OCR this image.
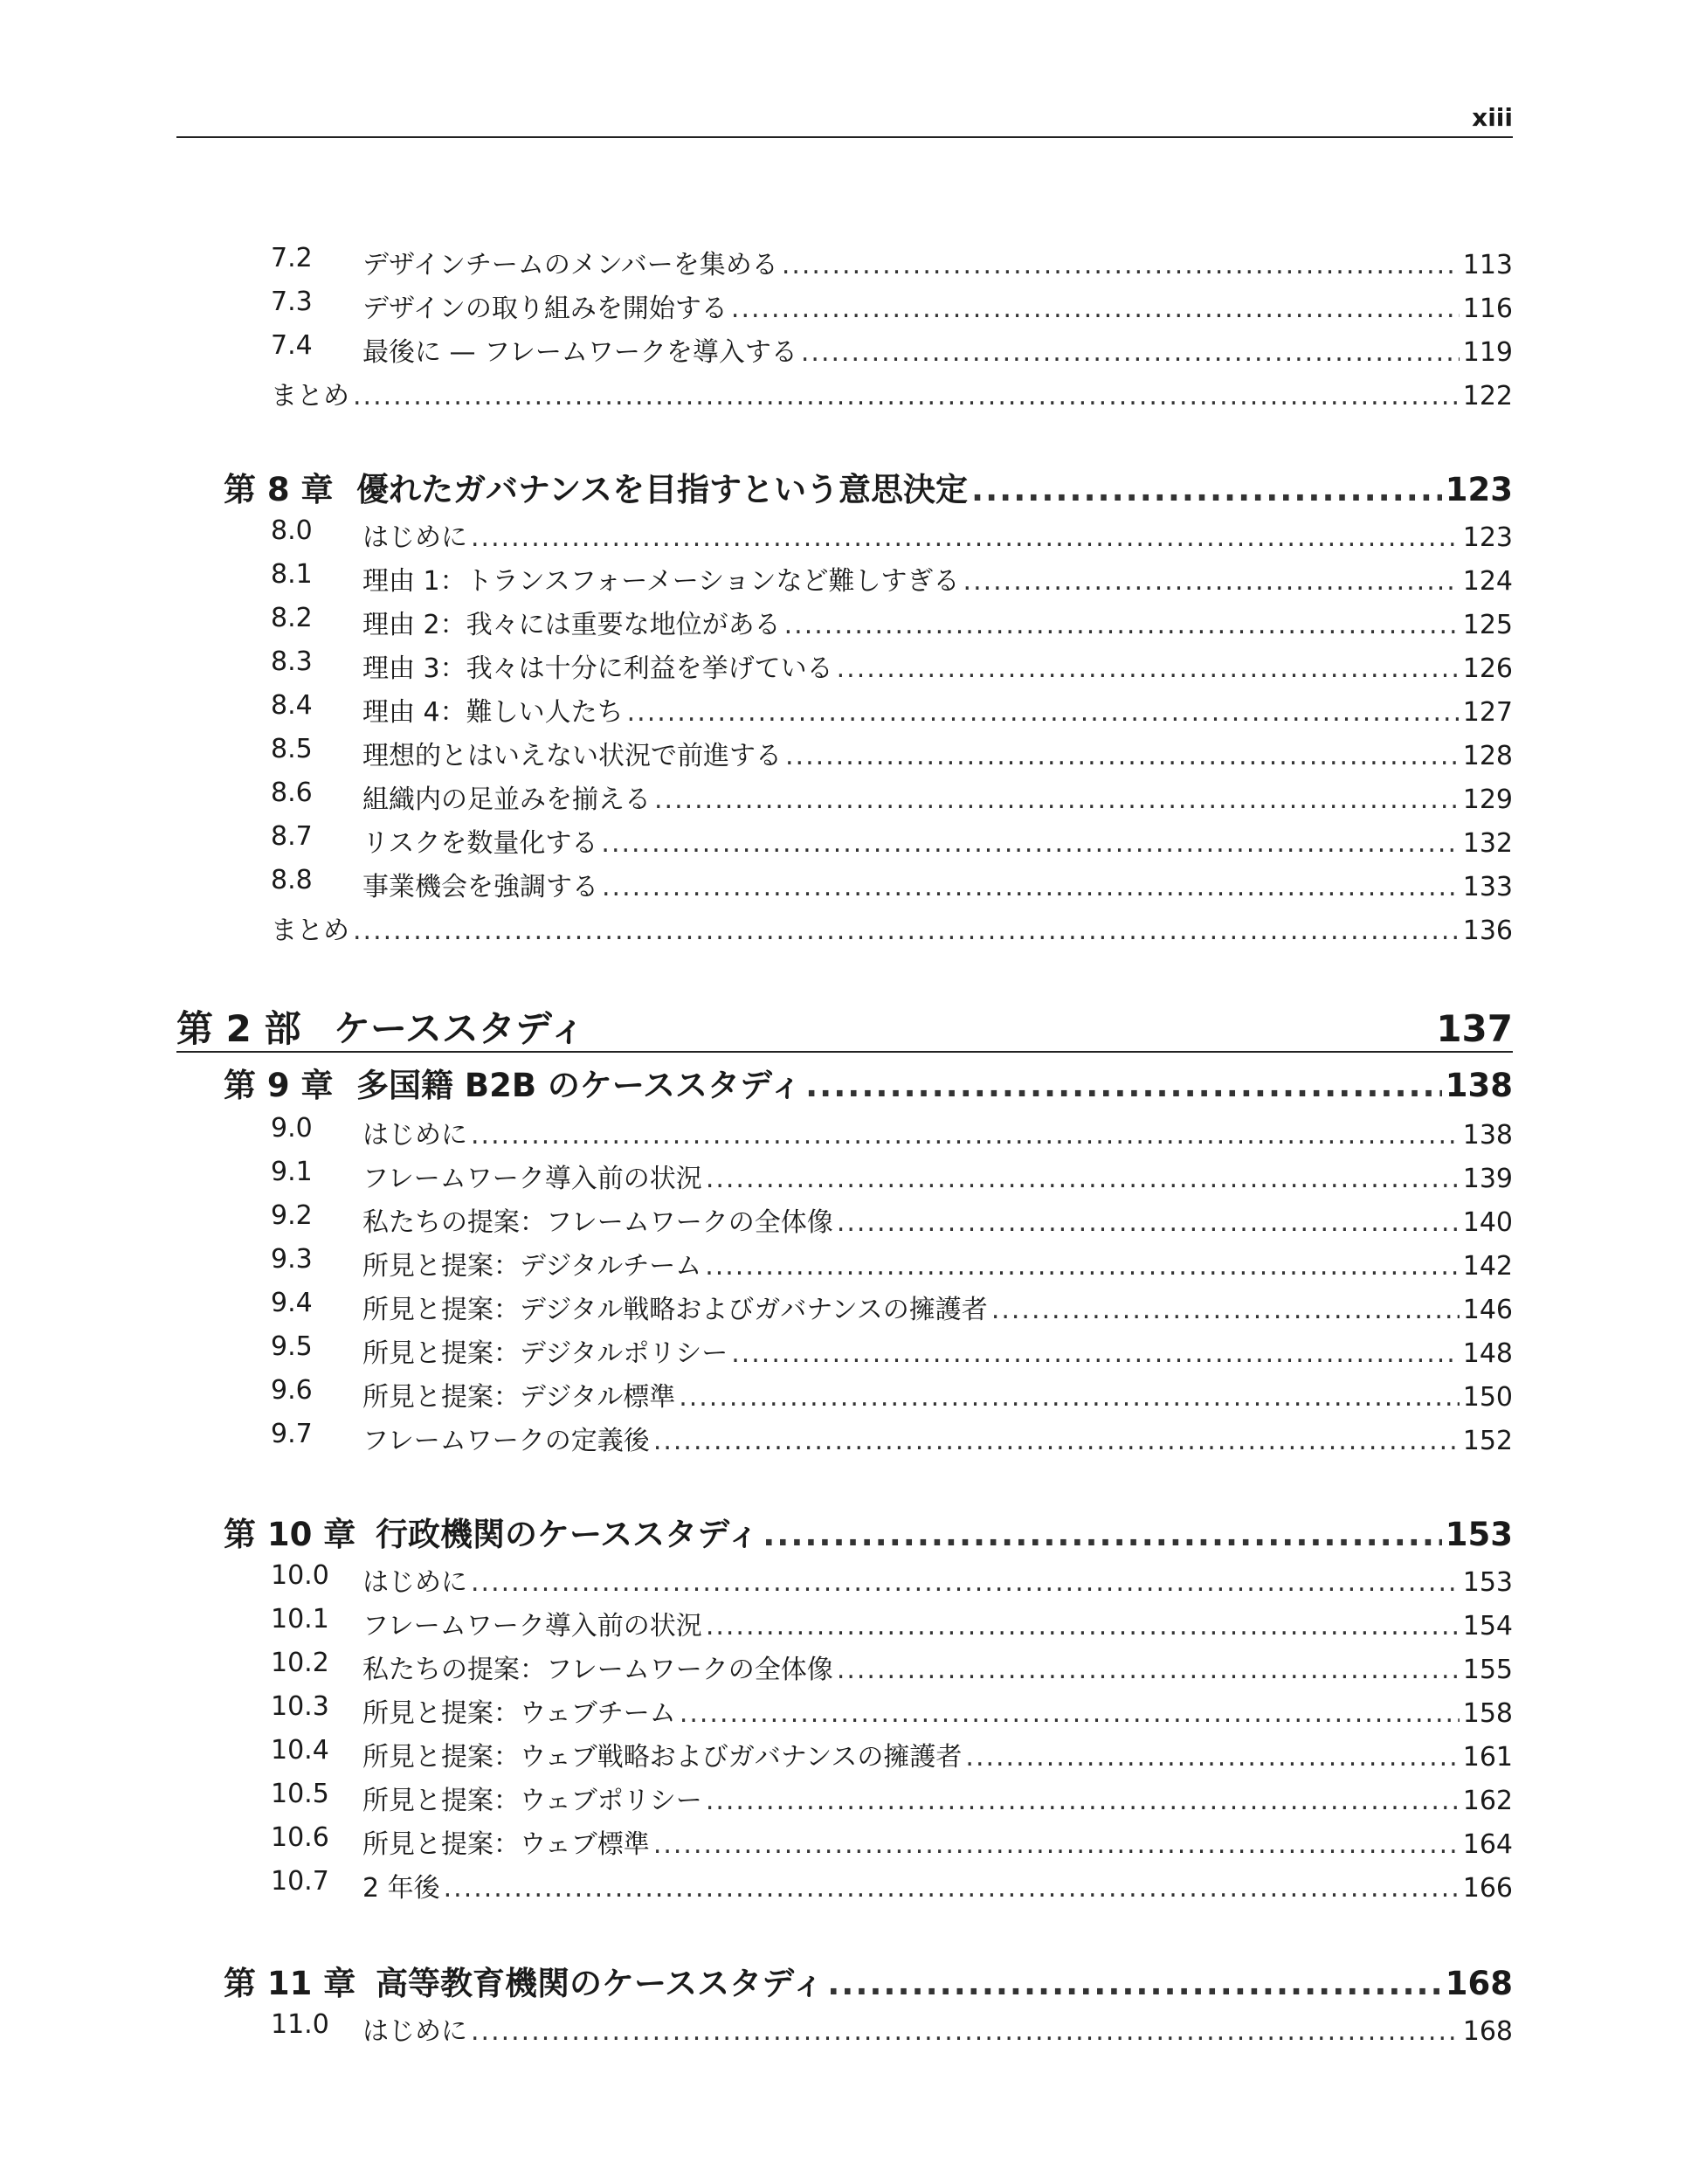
xiii
7.2	デザインチームのメンバーを集める .....	113
7.3	デザインの取り組みを開始する .....	116
7.4	最後に — フレームワークを導入する .....	119
まとめ .....	122
第 8 章 優れたガバナンスを目指すという意思決定 .....	123
8.0	はじめに .....	123
8.1	理由 1：トランスフォーメーションなど難しすぎる .....	124
8.2	理由 2：我々には重要な地位がある .....	125
8.3	理由 3：我々は十分に利益を挙げている .....	126
8.4	理由 4：難しい人たち .....	127
8.5	理想的とはいえない状況で前進する .....	128
8.6	組織内の足並みを揃える .....	129
8.7	リスクを数量化する .....	132
8.8	事業機会を強調する .....	133
まとめ .....	136
第 2 部 ケーススタディ	137
第 9 章 多国籍 B2B のケーススタディ .....	138
9.0	はじめに .....	138
9.1	フレームワーク導入前の状況 .....	139
9.2	私たちの提案：フレームワークの全体像 .....	140
9.3	所見と提案：デジタルチーム .....	142
9.4	所見と提案：デジタル戦略およびガバナンスの擁護者 .....	146
9.5	所見と提案：デジタルポリシー .....	148
9.6	所見と提案：デジタル標準 .....	150
9.7	フレームワークの定義後 .....	152
第 10 章 行政機関のケーススタディ .....	153
10.0	はじめに .....	153
10.1	フレームワーク導入前の状況 .....	154
10.2	私たちの提案：フレームワークの全体像 .....	155
10.3	所見と提案：ウェブチーム .....	158
10.4	所見と提案：ウェブ戦略およびガバナンスの擁護者 .....	161
10.5	所見と提案：ウェブポリシー .....	162
10.6	所見と提案：ウェブ標準 .....	164
10.7	2 年後 .....	166
第 11 章 高等教育機関のケーススタディ .....	168
11.0	はじめに .....	168
